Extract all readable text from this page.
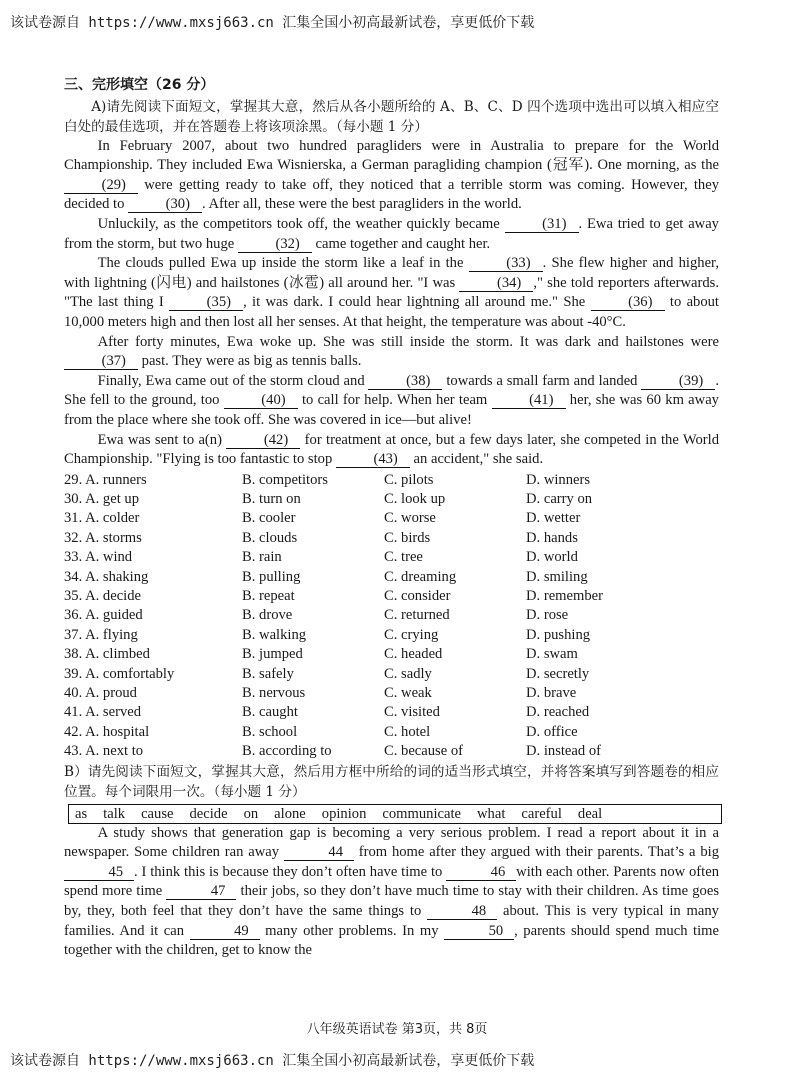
该试卷源自 https://www.mxsj663.cn 汇集全国小初高最新试卷，享更低价下载
三、完形填空（26 分）

A)请先阅读下面短文，掌握其大意，然后从各小题所给的 A、B、C、D 四个选项中选出可以填入相应空白处的最佳选项，并在答题卷上将该项涂黑。（每小题 1 分）

In February 2007, about two hundred paragliders were in Australia to prepare for the World Championship. They included Ewa Wisnierska, a German paragliding champion (冠军). One morning, as the (29) were getting ready to take off, they noticed that a terrible storm was coming. However, they decided to	(30) . After all, these were the best paragliders in the world.

Unluckily, as the competitors took off, the weather quickly became	(31) . Ewa tried to get away from the storm, but two huge	(32) came together and caught her.

The clouds pulled Ewa up inside the storm like a leaf in the	(33) . She flew higher and higher, with lightning (闪电) and hailstones (冰雹) all around her. "I was	(34) ," she told reporters afterwards. "The last thing I	(35) , it was dark. I could hear lightning all around me." She	(36) to about 10,000 meters high and then lost all her senses. At that height, the temperature was about -40°C.

After forty minutes, Ewa woke up. She was still inside the storm. It was dark and hailstones were (37) past. They were as big as tennis balls.

Finally, Ewa came out of the storm cloud and	(38) towards a small farm and landed	(39) . She fell to the ground, too	(40) to call for help. When her team	(41) her, she was 60 km away from the place where she took off. She was covered in ice—but alive!

Ewa was sent to a(n)	(42) for treatment at once, but a few days later, she competed in the World Championship. "Flying is too fantastic to stop	(43) an accident," she said.

29. A. runners	B. competitors	C. pilots	D. winners
30. A. get up	B. turn on	C. look up	D. carry on
31. A. colder	B. cooler	C. worse	D. wetter
32. A. storms	B. clouds	C. birds	D. hands
33. A. wind	B. rain	C. tree	D. world
34. A. shaking	B. pulling	C. dreaming	D. smiling
35. A. decide	B. repeat	C. consider	D. remember
36. A. guided	B. drove	C. returned	D. rose
37. A. flying	B. walking	C. crying	D. pushing
38. A. climbed	B. jumped	C. headed	D. swam
39. A. comfortably	B. safely	C. sadly	D. secretly
40. A. proud	B. nervous	C. weak	D. brave
41. A. served	B. caught	C. visited	D. reached
42. A. hospital	B. school	C. hotel	D. office
43. A. next to	B. according to	C. because of	D. instead of

B）请先阅读下面短文，掌握其大意，然后用方框中所给的词的适当形式填空，并将答案填写到答题卷的相应位置。每个词限用一次。（每小题 1 分）

as talk cause decide on alone opinion communicate what careful deal

A study shows that generation gap is becoming a very serious problem. I read a report about it in a newspaper. Some children ran away	44 from home after they argued with their parents. That’s a big 45 . I think this is because they don’t often have time to	46 with each other. Parents now often spend more time	47 their jobs, so they don’t have much time to stay with their children. As time goes by, they, both feel that they don’t have the same things to	48 about. This is very typical in many families. And it can	49 many other problems. In my	50 , parents should spend much time together with the children, get to know the

八年级英语试卷 第3页，共 8页
该试卷源自 https://www.mxsj663.cn 汇集全国小初高最新试卷，享更低价下载
